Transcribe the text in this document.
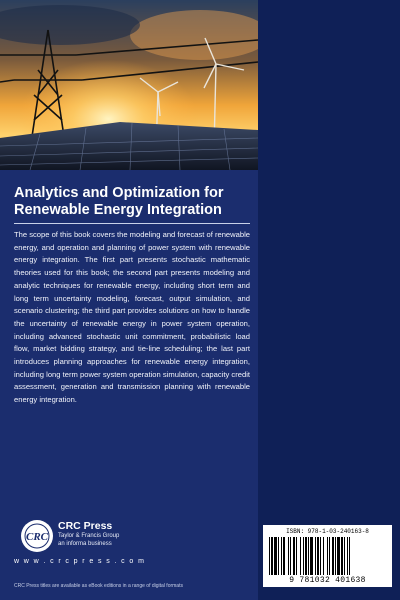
Analytics and Optimization for
Renewable Energy Integration

The scope of this book covers the modeling and forecast of renewable energy, and operation and planning of power system with renewable energy integration. The first part presents stochastic mathematic theories used for this book; the second part presents modeling and analytic techniques for renewable energy, including short term and long term uncertainty modeling, forecast, output simulation, and scenario clustering; the third part provides solutions on how to handle the uncertainty of renewable energy in power system operation, including advanced stochastic unit commitment, probabilistic load flow, market bidding strategy, and tie-line scheduling; the last part introduces planning approaches for renewable energy integration, including long term power system operation simulation, capacity credit assessment, generation and transmission planning with renewable energy integration.

CRC
CRC Press
Taylor & Francis Group
an informa business
w w w . c r c p r e s s . c o m
CRC Press titles are available as eBook editions in a range of digital formats
ISBN: 978-1-03-240163-8
9 781032 401638
